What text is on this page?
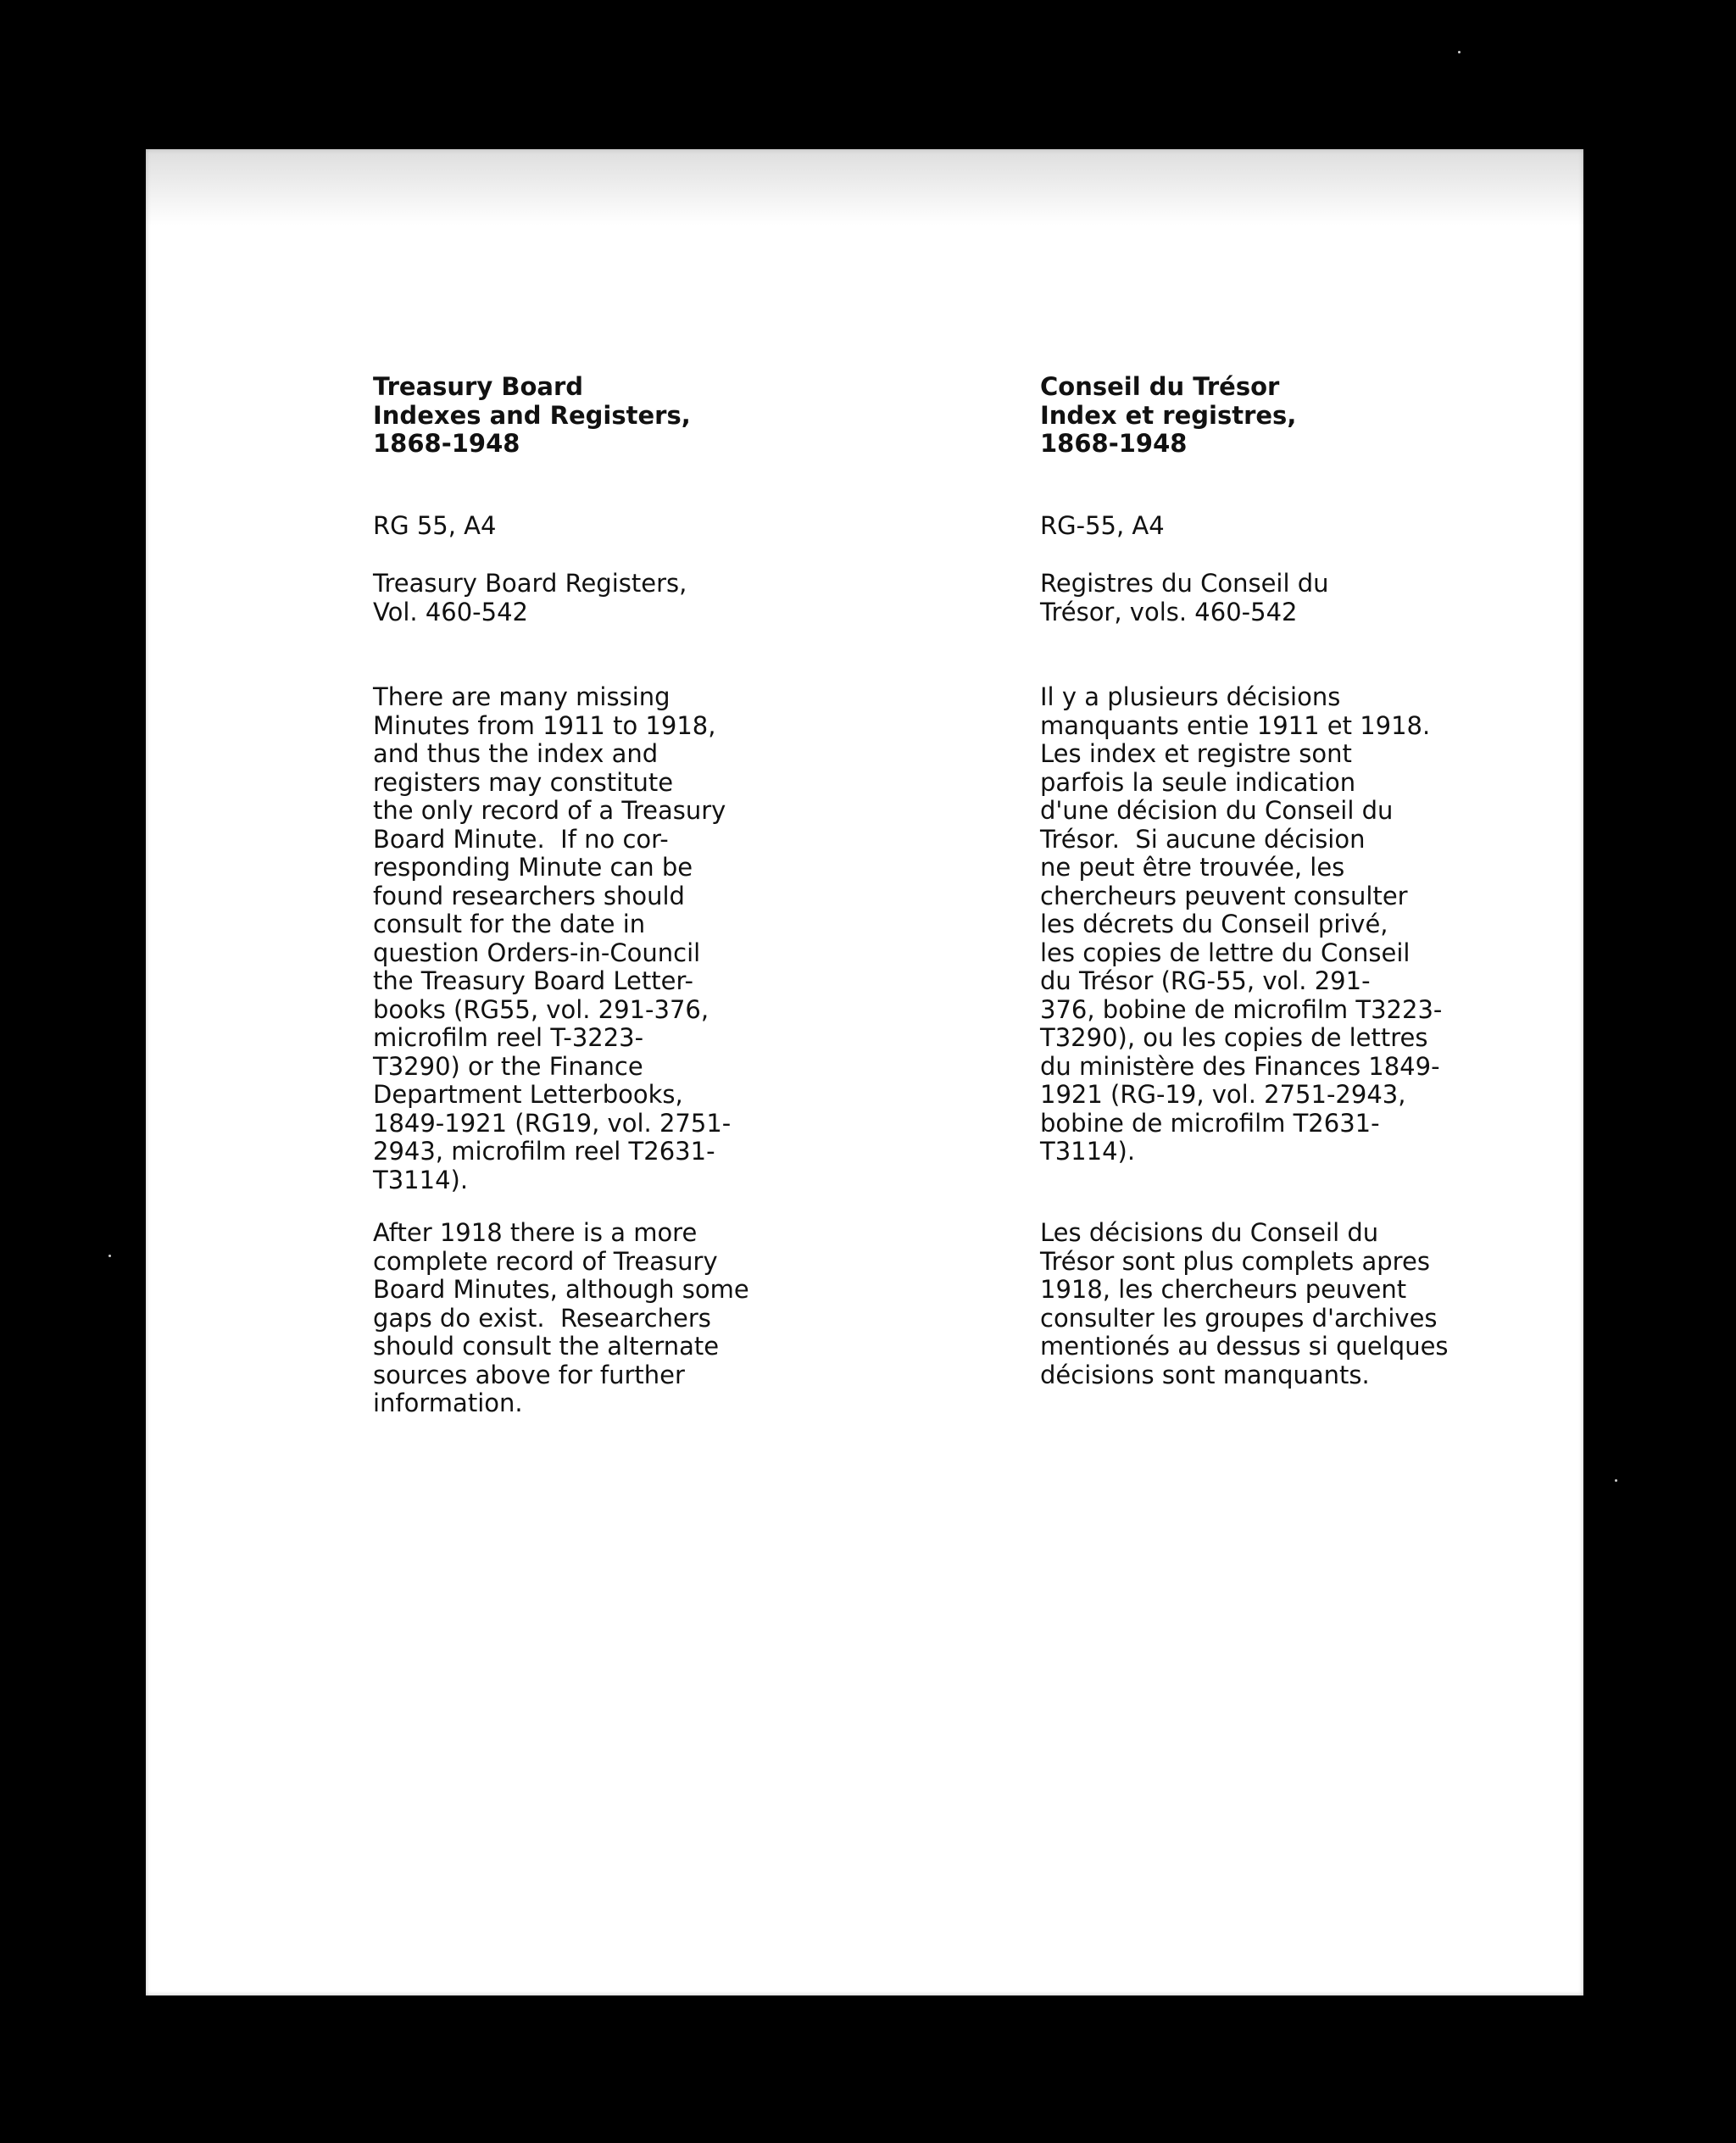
Treasury Board
Indexes and Registers,
1868-1948
RG 55, A4
Treasury Board Registers,
Vol. 460-542
There are many missing
Minutes from 1911 to 1918,
and thus the index and
registers may constitute
the only record of a Treasury
Board Minute.  If no cor-
responding Minute can be
found researchers should
consult for the date in
question Orders-in-Council
the Treasury Board Letter-
books (RG55, vol. 291-376,
microfilm reel T-3223-
T3290) or the Finance
Department Letterbooks,
1849-1921 (RG19, vol. 2751-
2943, microfilm reel T2631-
T3114).
After 1918 there is a more
complete record of Treasury
Board Minutes, although some
gaps do exist.  Researchers
should consult the alternate
sources above for further
information.
Conseil du Trésor
Index et registres,
1868-1948
RG-55, A4
Registres du Conseil du
Trésor, vols. 460-542
Il y a plusieurs décisions
manquants entie 1911 et 1918.
Les index et registre sont
parfois la seule indication
d'une décision du Conseil du
Trésor.  Si aucune décision
ne peut être trouvée, les
chercheurs peuvent consulter
les décrets du Conseil privé,
les copies de lettre du Conseil
du Trésor (RG-55, vol. 291-
376, bobine de microfilm T3223-
T3290), ou les copies de lettres
du ministère des Finances 1849-
1921 (RG-19, vol. 2751-2943,
bobine de microfilm T2631-
T3114).
Les décisions du Conseil du
Trésor sont plus complets apres
1918, les chercheurs peuvent
consulter les groupes d'archives
mentionés au dessus si quelques
décisions sont manquants.
